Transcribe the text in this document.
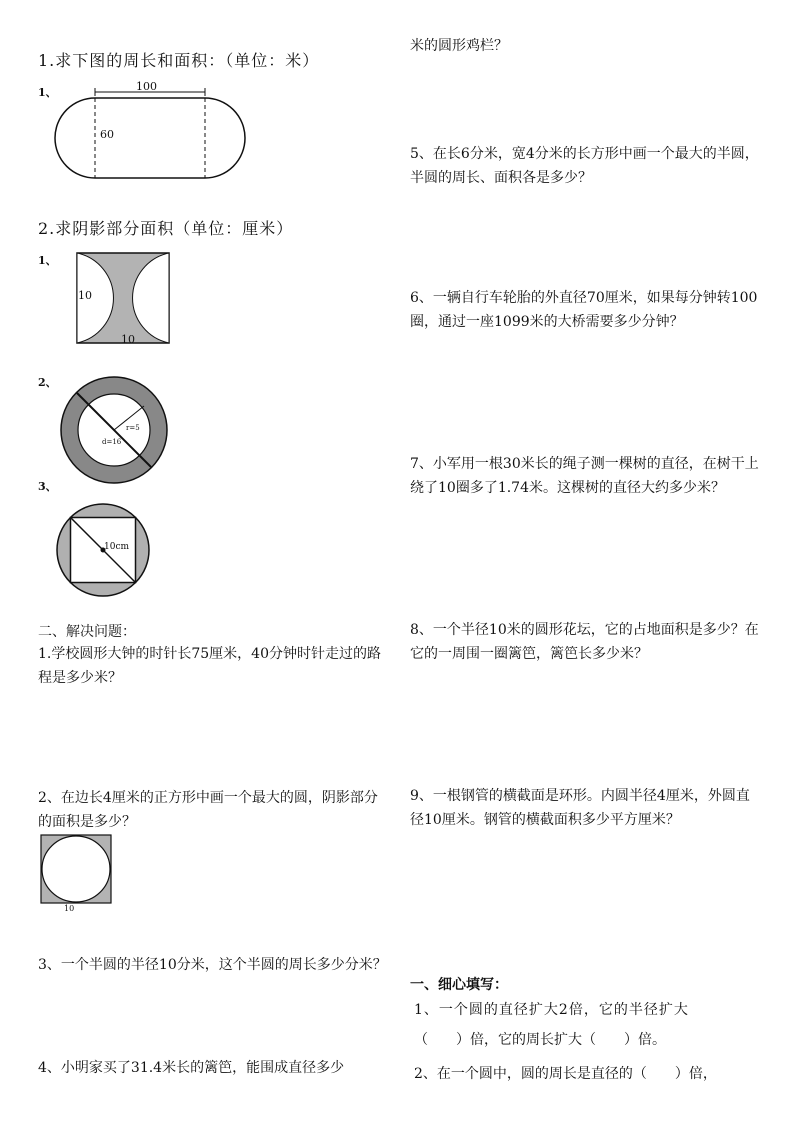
1.求下图的周长和面积：（单位：米）
1、	100
60
2.求阴影部分面积（单位：厘米）
1、
10
10
2、
r=5
d=16
3、
10cm
二、解决问题：
1.学校圆形大钟的时针长75厘米，40分钟时针走过的路程是多少米？
2、在边长4厘米的正方形中画一个最大的圆，阴影部分的面积是多少？
10
3、一个半圆的半径10分米，这个半圆的周长多少分米？
4、小明家买了31.4米长的篱笆，能围成直径多少
米的圆形鸡栏？
5、在长6分米，宽4分米的长方形中画一个最大的半圆，半圆的周长、面积各是多少？
6、一辆自行车轮胎的外直径70厘米，如果每分钟转100圈，通过一座1099米的大桥需要多少分钟？
7、小军用一根30米长的绳子测一棵树的直径，在树干上绕了10圈多了1.74米。这棵树的直径大约多少米？
8、一个半径10米的圆形花坛，它的占地面积是多少？在它的一周围一圈篱笆，篱笆长多少米？
9、一根钢管的横截面是环形。内圆半径4厘米，外圆直径10厘米。钢管的横截面积多少平方厘米？
一、细心填写：
1、一个圆的直径扩大2倍，它的半径扩大
（　　）倍，它的周长扩大（　　）倍。
2、在一个圆中，圆的周长是直径的（　　）倍，
